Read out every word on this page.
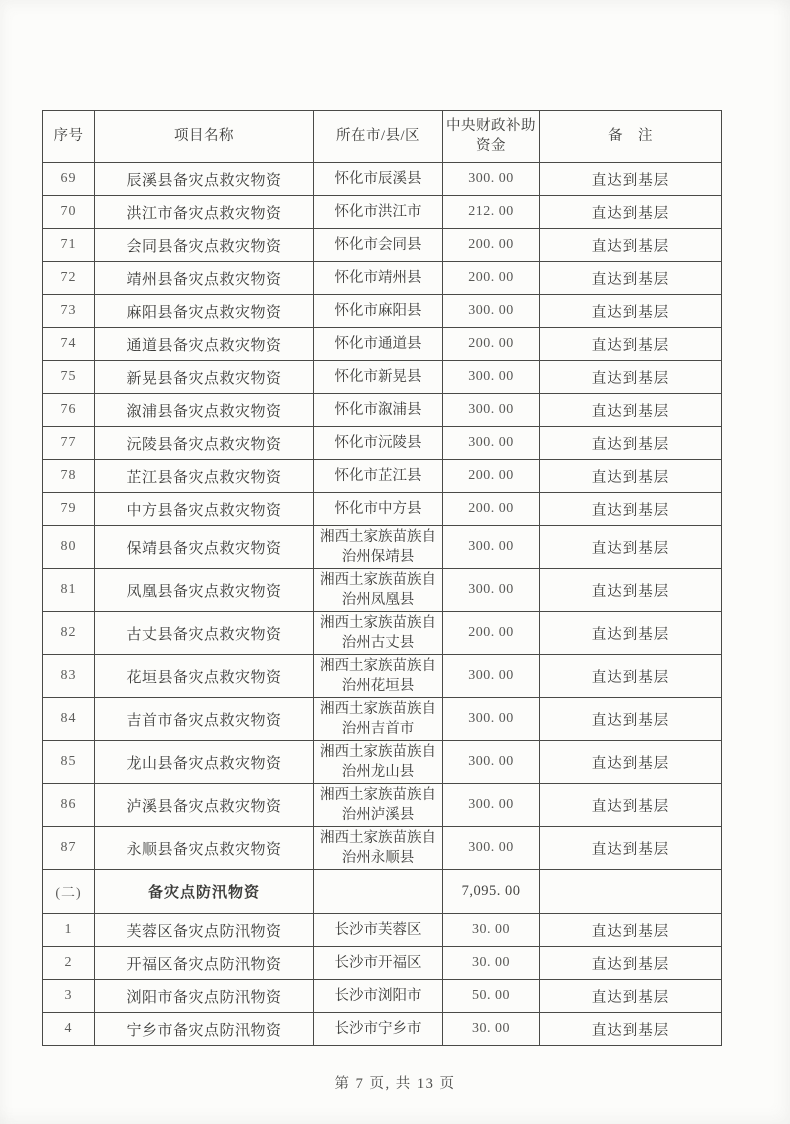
序号	项目名称	所在市/县/区	中央财政补助资金	备　注
69	辰溪县备灾点救灾物资	怀化市辰溪县	300. 00	直达到基层
70	洪江市备灾点救灾物资	怀化市洪江市	212. 00	直达到基层
71	会同县备灾点救灾物资	怀化市会同县	200. 00	直达到基层
72	靖州县备灾点救灾物资	怀化市靖州县	200. 00	直达到基层
73	麻阳县备灾点救灾物资	怀化市麻阳县	300. 00	直达到基层
74	通道县备灾点救灾物资	怀化市通道县	200. 00	直达到基层
75	新晃县备灾点救灾物资	怀化市新晃县	300. 00	直达到基层
76	溆浦县备灾点救灾物资	怀化市溆浦县	300. 00	直达到基层
77	沅陵县备灾点救灾物资	怀化市沅陵县	300. 00	直达到基层
78	芷江县备灾点救灾物资	怀化市芷江县	200. 00	直达到基层
79	中方县备灾点救灾物资	怀化市中方县	200. 00	直达到基层
80	保靖县备灾点救灾物资	湘西土家族苗族自治州保靖县	300. 00	直达到基层
81	凤凰县备灾点救灾物资	湘西土家族苗族自治州凤凰县	300. 00	直达到基层
82	古丈县备灾点救灾物资	湘西土家族苗族自治州古丈县	200. 00	直达到基层
83	花垣县备灾点救灾物资	湘西土家族苗族自治州花垣县	300. 00	直达到基层
84	吉首市备灾点救灾物资	湘西土家族苗族自治州吉首市	300. 00	直达到基层
85	龙山县备灾点救灾物资	湘西土家族苗族自治州龙山县	300. 00	直达到基层
86	泸溪县备灾点救灾物资	湘西土家族苗族自治州泸溪县	300. 00	直达到基层
87	永顺县备灾点救灾物资	湘西土家族苗族自治州永顺县	300. 00	直达到基层
(二)	备灾点防汛物资		7,095. 00	
1	芙蓉区备灾点防汛物资	长沙市芙蓉区	30. 00	直达到基层
2	开福区备灾点防汛物资	长沙市开福区	30. 00	直达到基层
3	浏阳市备灾点防汛物资	长沙市浏阳市	50. 00	直达到基层
4	宁乡市备灾点防汛物资	长沙市宁乡市	30. 00	直达到基层
第 7 页, 共 13 页
